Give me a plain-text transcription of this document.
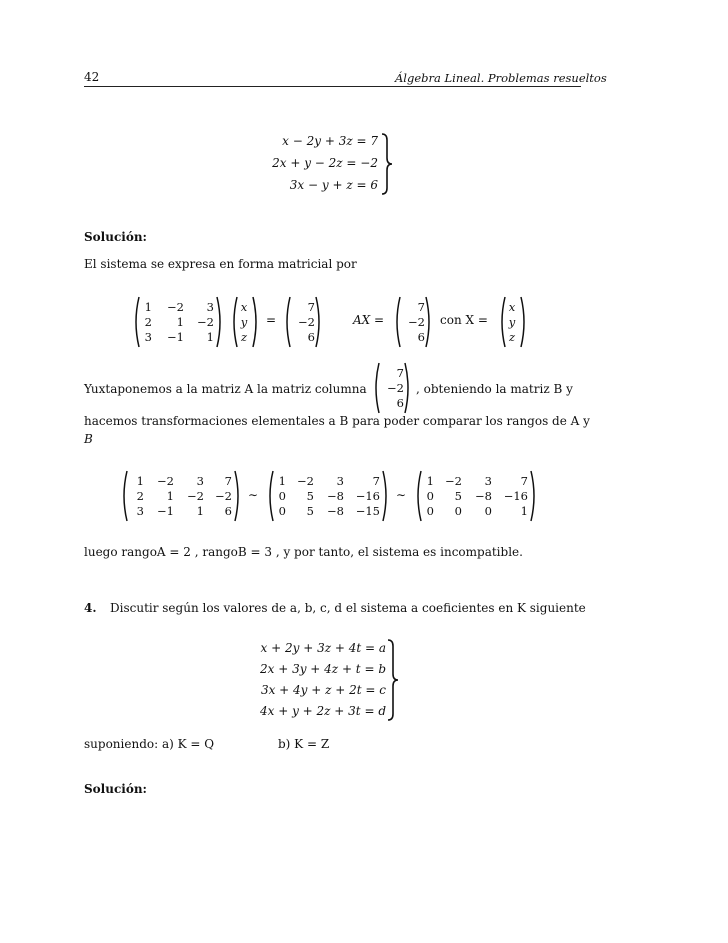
42	Álgebra Lineal. Problemas resueltos
x − 2y + 3z = 7
2x + y − 2z = −2
3x − y + z = 6
Solución:
El sistema se expresa en forma matricial por
1	−2	3
2	1	−2
3	−1	1
x
y
z
=
7
−2
6
AX =
7
−2
6
con X =
x
y
z
Yuxtaponemos a la matriz A la matriz columna
7
−2
6
, obteniendo la matriz B y
hacemos transformaciones elementales a B para poder comparar los rangos de A y
B
1	−2	3	7
2	1	−2 −2
3	−1	1	6
∼
1 −2	3	7
0	5	−8	−16
0	5	−8	−15
∼
1 −2	3	7
0	5	−8	−16
0	0	0	1
luego rangoA = 2 , rangoB = 3 , y por tanto, el sistema es incompatible.
4. Discutir según los valores de a, b, c, d el sistema a coeficientes en K siguiente
x + 2y + 3z + 4t = a
2x + 3y + 4z + t = b
3x + 4y + z + 2t = c
4x + y + 2z + 3t = d
suponiendo: a) K = Q	b) K = Z
Solución:
